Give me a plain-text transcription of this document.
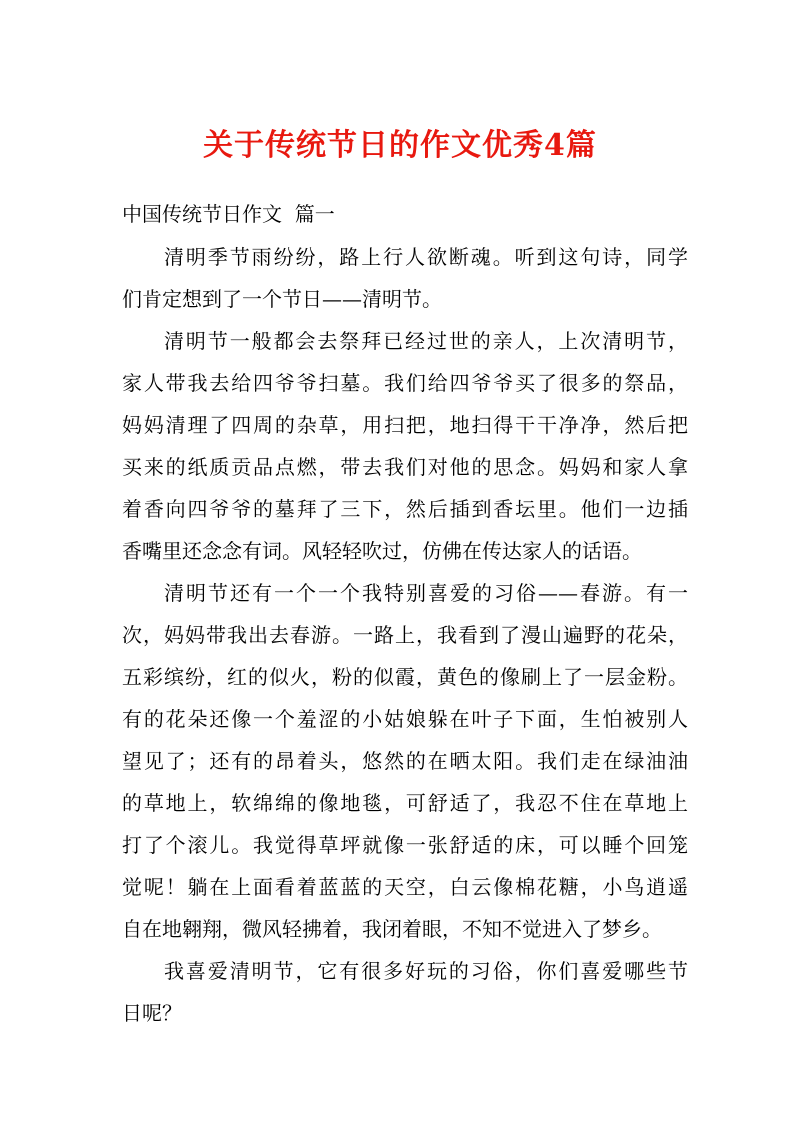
关于传统节日的作文优秀4篇
中国传统节日作文  篇一
清明季节雨纷纷，路上行人欲断魂。听到这句诗，同学
们肯定想到了一个节日——清明节。
清明节一般都会去祭拜已经过世的亲人，上次清明节，
家人带我去给四爷爷扫墓。我们给四爷爷买了很多的祭品，
妈妈清理了四周的杂草，用扫把，地扫得干干净净，然后把
买来的纸质贡品点燃，带去我们对他的思念。妈妈和家人拿
着香向四爷爷的墓拜了三下，然后插到香坛里。他们一边插
香嘴里还念念有词。风轻轻吹过，仿佛在传达家人的话语。
清明节还有一个一个我特别喜爱的习俗——春游。有一
次，妈妈带我出去春游。一路上，我看到了漫山遍野的花朵，
五彩缤纷，红的似火，粉的似霞，黄色的像刷上了一层金粉。
有的花朵还像一个羞涩的小姑娘躲在叶子下面，生怕被别人
望见了；还有的昂着头，悠然的在晒太阳。我们走在绿油油
的草地上，软绵绵的像地毯，可舒适了，我忍不住在草地上
打了个滚儿。我觉得草坪就像一张舒适的床，可以睡个回笼
觉呢！躺在上面看着蓝蓝的天空，白云像棉花糖，小鸟逍遥
自在地翱翔，微风轻拂着，我闭着眼，不知不觉进入了梦乡。
我喜爱清明节，它有很多好玩的习俗，你们喜爱哪些节
日呢？
